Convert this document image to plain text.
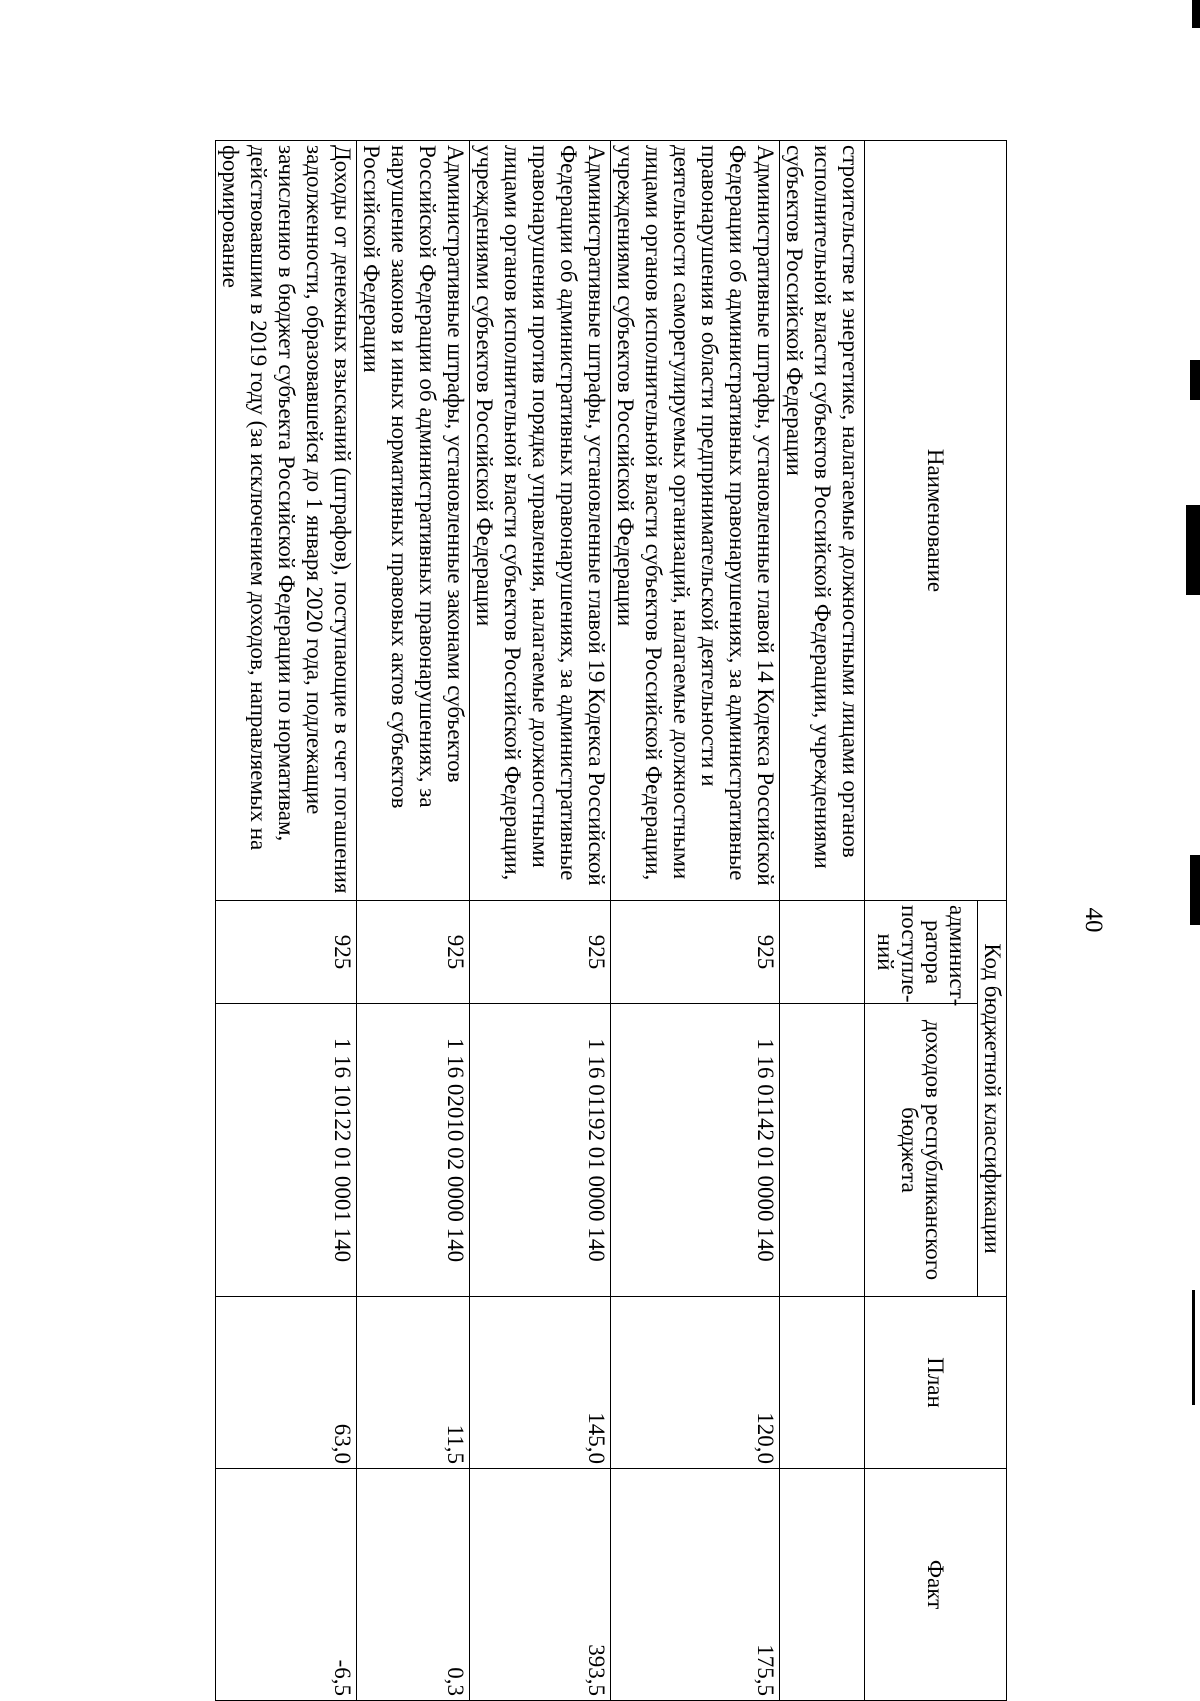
40
Наименование	Код бюджетной классификации		План	Факт
	админист-ратора поступле-ний	доходов республиканского бюджета		
строительстве и энергетике, налагаемые должностными лицами органов исполнительной власти субъектов Российской Федерации, учреждениями субъектов Российской Федерации				
Административные штрафы, установленные главой 14 Кодекса Российской Федерации об административных правонарушениях, за административные правонарушения в области предпринимательской деятельности и деятельности саморегулируемых организаций, налагаемые должностными лицами органов исполнительной власти субъектов Российской Федерации, учреждениями субъектов Российской Федерации	925	1 16 01142 01 0000 140	120,0	175,5
Административные штрафы, установленные главой 19 Кодекса Российской Федерации об административных правонарушениях, за административные правонарушения против порядка управления, налагаемые должностными лицами органов исполнительной власти субъектов Российской Федерации, учреждениями субъектов Российской Федерации	925	1 16 01192 01 0000 140	145,0	393,5
Административные штрафы, установленные законами субъектов Российской Федерации об административных правонарушениях, за нарушение законов и иных нормативных правовых актов субъектов Российской Федерации	925	1 16 02010 02 0000 140	11,5	0,3
Доходы от денежных взысканий (штрафов), поступающие в счет погашения задолженности, образовавшейся до 1 января 2020 года, подлежащие зачислению в бюджет субъекта Российской Федерации по нормативам, действовавшим в 2019 году (за исключением доходов, направляемых на формирование	925	1 16 10122 01 0001 140	63,0	-6,5
